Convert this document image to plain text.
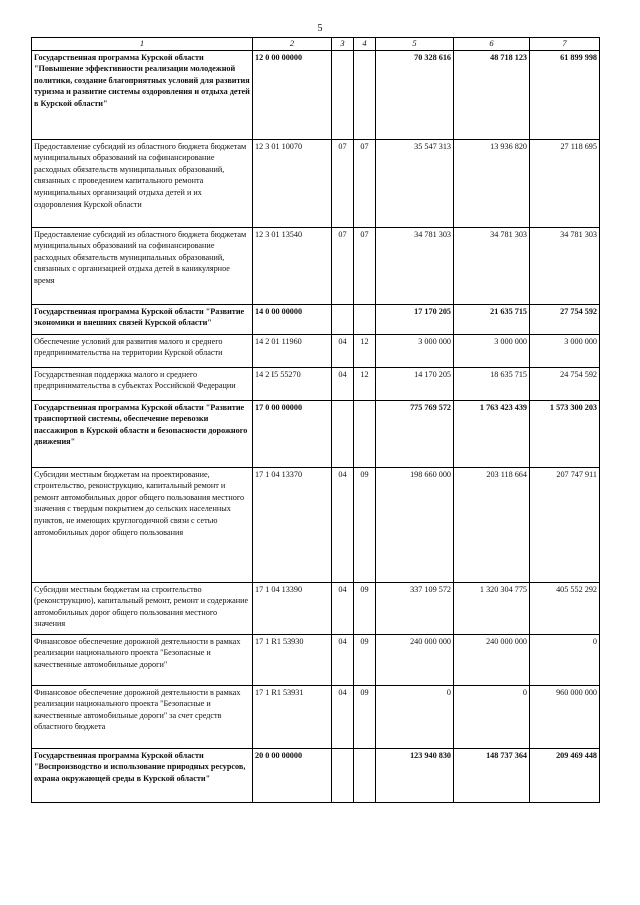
5
1	2	3	4	5	6	7
Государственная программа Курской области "Повышение эффективности реализации молодежной политики, создание благоприятных условий для развития туризма и развитие системы оздоровления и отдыха детей в Курской области"	12 0 00 00000			70 328 616	48 718 123	61 899 998
Предоставление субсидий из областного бюджета бюджетам муниципальных образований на софинансирование расходных обязательств муниципальных образований, связанных с проведением капитального ремонта муниципальных организаций отдыха детей и их оздоровления Курской области	12 3 01 10070	07	07	35 547 313	13 936 820	27 118 695
Предоставление субсидий из областного бюджета бюджетам муниципальных образований на софинансирование расходных обязательств муниципальных образований, связанных с организацией отдыха детей в каникулярное время	12 3 01 13540	07	07	34 781 303	34 781 303	34 781 303
Государственная программа Курской области "Развитие экономики и внешних связей Курской области"	14 0 00 00000			17 170 205	21 635 715	27 754 592
Обеспечение условий для развития малого и среднего предпринимательства на территории Курской области	14 2 01 11960	04	12	3 000 000	3 000 000	3 000 000
Государственная поддержка малого и среднего предпринимательства в субъектах Российской Федерации	14 2 I5 55270	04	12	14 170 205	18 635 715	24 754 592
Государственная программа Курской области "Развитие транспортной системы, обеспечение перевозки пассажиров в Курской области и безопасности дорожного движения"	17 0 00 00000			775 769 572	1 763 423 439	1 573 300 203
Субсидии местным бюджетам на проектирование, строительство, реконструкцию, капитальный ремонт и ремонт автомобильных дорог общего пользования местного значения с твердым покрытием до сельских населенных пунктов, не имеющих круглогодичной связи с сетью автомобильных дорог общего пользования	17 1 04 13370	04	09	198 660 000	203 118 664	207 747 911
Субсидии местным бюджетам на строительство (реконструкцию), капитальный ремонт, ремонт и содержание автомобильных дорог общего пользования местного значения	17 1 04 13390	04	09	337 109 572	1 320 304 775	405 552 292
Финансовое обеспечение дорожной деятельности в рамках реализации национального проекта "Безопасные и качественные автомобильные дороги"	17 1 R1 53930	04	09	240 000 000	240 000 000	0
Финансовое обеспечение дорожной деятельности в рамках реализации национального проекта "Безопасные и качественные автомобильные дороги" за счет средств областного бюджета	17 1 R1 53931	04	09	0	0	960 000 000
Государственная программа Курской области "Воспроизводство и использование природных ресурсов, охрана окружающей среды в Курской области"	20 0 00 00000			123 940 830	148 737 364	209 469 448
